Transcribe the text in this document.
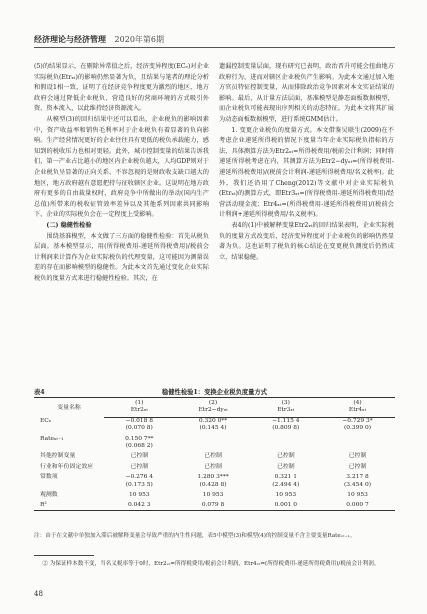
经济理论与经济管理 2020年第6期

(5)的结果显示，在剔除异常值之后，经济变异程度(ECₑ)对企业实际税负(Etrₓₜ)的影响仍然显著为负，且结果与笔者的理论分析和假设1相一致，证明了在经济竞争程度更为激烈的地区，地方政府会通过降低企业税负、营造良好的营商环境的方式吸引外资、资本流入，以此维持经济资源流入。

从模型(3)的回归结果中还可以看出，企业税负的影响因素中，资产收益率和销售毛利率对于企业税负有着显著的负向影响。生产经营情况更好的企业往往具有更低的税负承载能力，感知到的税收压力也相对更轻。此外，城市控制变量的结果告诉我们，第一产业占比越小的地区内企业税负越大，人均GDP则对于企业税负呈显著的正向关系。不容忽视的是财政收支缺口越大的地区，地方政府越有意愿把持与征收辖区企业。这说明在地方政府有更多的自由裁量权时，政府竞争中所做出的举动(国内生产总值)所带来的税收征管效率差异以及其他系列因素共同影响下，企业的实际税负会在一定程度上受影响。

(二) 稳健性检验

围绕基准模型，本文做了三方面的稳健性检验：首先从税负层面。基本模型显示，用(所得税费用-递延所得税费用)/税前会计利润来计算作为企业实际税负的代理变量，这可能因为测量误差的存在而影响模型的稳健性。为此本文首先通过变化企业实际税负的度量方式来进行稳健性检验。其次，在

遗漏控制变量层面，现有研究已表明，政治晋升可能会扭曲地方政府行为，进而对辖区企业税负产生影响。为此本文通过加入地方官员特征控制变量，从而排除政治竞争因素对本文实证结果的影响。最后，从计量方法层面，基准模型是静态面板数据模型，而企业税负可能表现出序列相关的动态特征。为此本文将其扩展为动态面板数据模型，进行系统GMM估计。

1. 变更企业税负的度量方式。本文借鉴吴联生(2009)在不考虑企业递延所得税的情况下度量当年企业实际税负指标的方法，具体测算方法为Etr2ₓₜ=所得税费用/税前会计利润；同时将递延所得税考虑在内，其测算方法为Etr2−dyₓₜ=(所得税费用-递延所得税费用)/(税前会计利润-递延所得税费用/名义税率)。此外，我们还沿用了Cheng(2012)等文献中对企业实际税负(Etrₓₜ)的测算方式，即Etr3ₓₜ=(所得税费用-递延所得税费用)/经营活动现金流；Etr4ₓₜ=(所得税费用-递延所得税费用)/(税前会计利润+递延所得税费用/名义税率)。

表4的(1)中被解释变量Etr2ₓₜ的回归结果表明，企业实际税负的度量方式改变后，经济变异程度对于企业税负的影响仍然显著为负。这也证明了税负的核心结论在变更税负测度后仍然成立，结果稳健。

稳健性检验1：变换企业税负度量方式
表4
变量名称	(1)	(2)	(3)	(4)
	Etr2ₓₜ	Etr2−dyₓₜ	Etr3ₓₜ	Etr4ₓₜ
ECₑ	−0.018 8	0.320 0**	−1.115 4	−0.729 3*
	(0.070 8)	(0.145 4)	(0.809 8)	(0.399 0)
Rateₓₜ₋₁	0.150 7**			
	(0.068 2)			
其他控制变量	已控制	已控制	已控制	已控制
行业和年份固定效应	已控制	已控制	已控制	已控制
常数项	−0.276 4	1.280 3***	0.321 1	3.217 8
	(0.173 5)	(0.428 8)	(2.494 4)	(3.454 0)
观测数	10 953	10 953	10 953	10 953
R²	0.042 3	0.079 8	0.001 0	0.000 7
注：由于在文献中单独加入滞后被解释变量会导致严重的内生性问题，表5中模型(3)和模型(4)的控制变量不含主要变量Rateₓₜ₋₁。
② 为保证样本数不变，当名义税率等于0时，Etr2ₓₜ=所得税费用/税前会计利润，Etr4ₓₜ=(所得税费用-递延所得税费用)/税前会计利润。
48
